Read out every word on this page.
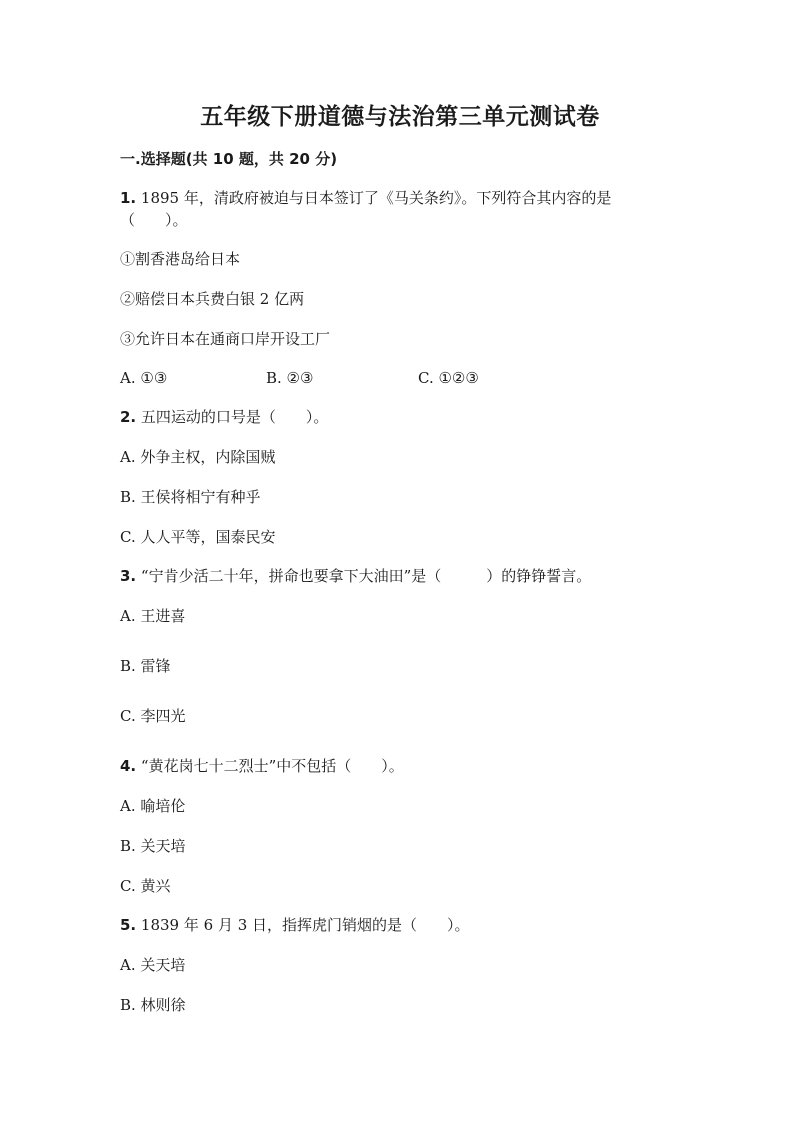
五年级下册道德与法治第三单元测试卷
一.选择题(共 10 题，共 20 分)
1. 1895 年，清政府被迫与日本签订了《马关条约》。下列符合其内容的是
（　　）。
①割香港岛给日本
②赔偿日本兵费白银 2 亿两
③允许日本在通商口岸开设工厂
A. ①③	B. ②③	C. ①②③
2. 五四运动的口号是（　　）。
A. 外争主权，内除国贼
B. 王侯将相宁有种乎
C. 人人平等，国泰民安
3. “宁肯少活二十年，拼命也要拿下大油田”是（　　　）的铮铮誓言。
A. 王进喜
B. 雷锋
C. 李四光
4. “黄花岗七十二烈士”中不包括（　　）。
A. 喻培伦
B. 关天培
C. 黄兴
5. 1839 年 6 月 3 日，指挥虎门销烟的是（　　）。
A. 关天培
B. 林则徐
